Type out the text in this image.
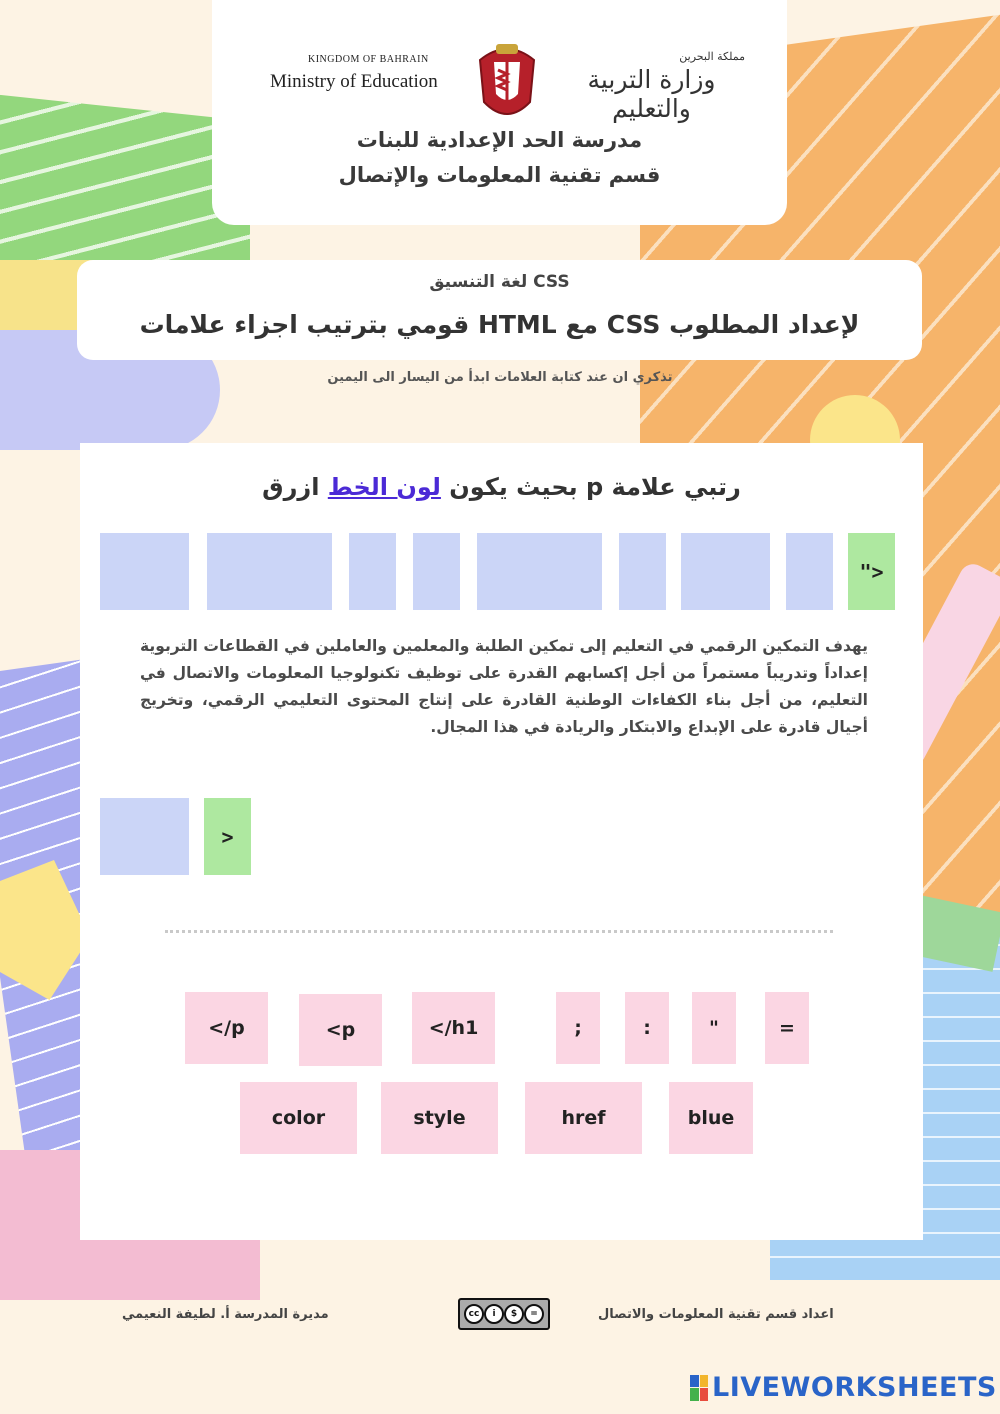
KINGDOM OF BAHRAIN
Ministry of Education
مملكة البحرين
وزارة التربية والتعليم
مدرسة الحد الإعدادية للبنات
قسم تقنية المعلومات والإتصال
لغة التنسيق CSS
قومي بترتيب اجزاء علامات HTML مع CSS لإعداد المطلوب
تذكري ان عند كتابة العلامات ابدأ من اليسار الى اليمين
رتبي علامة p بحيث يكون لون الخط ازرق
">
يهدف التمكين الرقمي في التعليم إلى تمكين الطلبة والمعلمين والعاملين في القطاعات التربوية إعداداً وتدريباً مستمراً من أجل إكسابهم القدرة على توظيف تكنولوجيا المعلومات والاتصال في التعليم، من أجل بناء الكفاءات الوطنية القادرة على إنتاج المحتوى التعليمي الرقمي، وتخريج أجيال قادرة على الإبداع والابتكار والريادة في هذا المجال.
>
</p	<p	</h1	;	:	"	=
color	style	href	blue
اعداد قسم تقنية المعلومات والاتصال
cc	i	$	=
مديرة المدرسة أ. لطيفة النعيمي
LIVEWORKSHEETS
